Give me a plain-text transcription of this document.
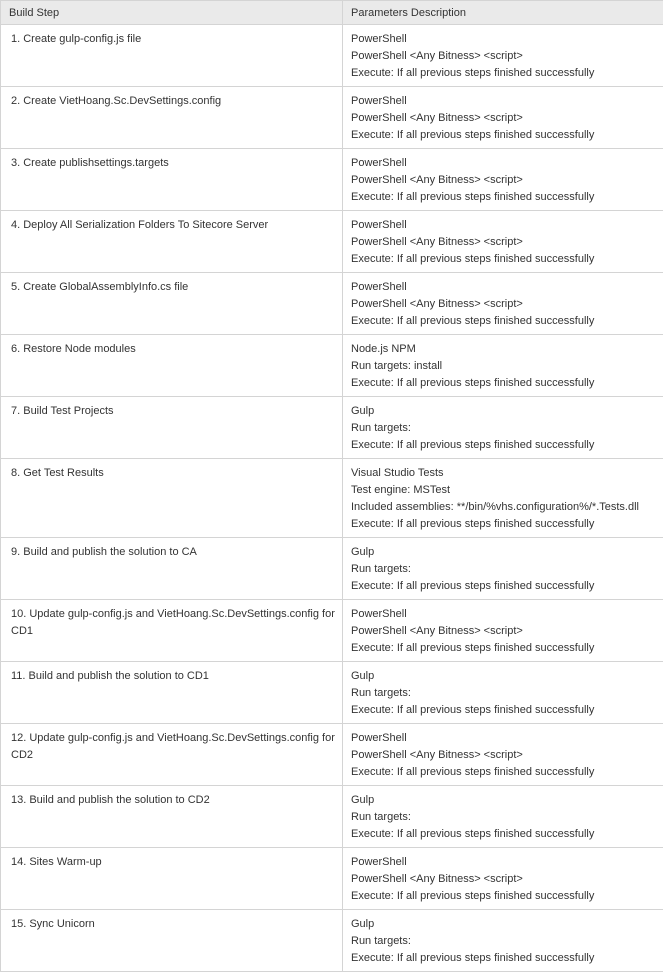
Build Step	Parameters Description
1. Create gulp-config.js file	PowerShell
PowerShell <Any Bitness> <script>
Execute: If all previous steps finished successfully

2. Create VietHoang.Sc.DevSettings.config	PowerShell
PowerShell <Any Bitness> <script>
Execute: If all previous steps finished successfully

3. Create publishsettings.targets	PowerShell
PowerShell <Any Bitness> <script>
Execute: If all previous steps finished successfully

4. Deploy All Serialization Folders To Sitecore Server	PowerShell
PowerShell <Any Bitness> <script>
Execute: If all previous steps finished successfully

5. Create GlobalAssemblyInfo.cs file	PowerShell
PowerShell <Any Bitness> <script>
Execute: If all previous steps finished successfully

6. Restore Node modules	Node.js NPM
Run targets: install
Execute: If all previous steps finished successfully

7. Build Test Projects	Gulp
Run targets:
Execute: If all previous steps finished successfully

8. Get Test Results	Visual Studio Tests
Test engine: MSTest
Included assemblies: **/bin/%vhs.configuration%/*.Tests.dll
Execute: If all previous steps finished successfully

9. Build and publish the solution to CA	Gulp
Run targets:
Execute: If all previous steps finished successfully

10. Update gulp-config.js and VietHoang.Sc.DevSettings.config for CD1	PowerShell
PowerShell <Any Bitness> <script>
Execute: If all previous steps finished successfully

11. Build and publish the solution to CD1	Gulp
Run targets:
Execute: If all previous steps finished successfully

12. Update gulp-config.js and VietHoang.Sc.DevSettings.config for CD2	PowerShell
PowerShell <Any Bitness> <script>
Execute: If all previous steps finished successfully

13. Build and publish the solution to CD2	Gulp
Run targets:
Execute: If all previous steps finished successfully

14. Sites Warm-up	PowerShell
PowerShell <Any Bitness> <script>
Execute: If all previous steps finished successfully

15. Sync Unicorn	Gulp
Run targets:
Execute: If all previous steps finished successfully
